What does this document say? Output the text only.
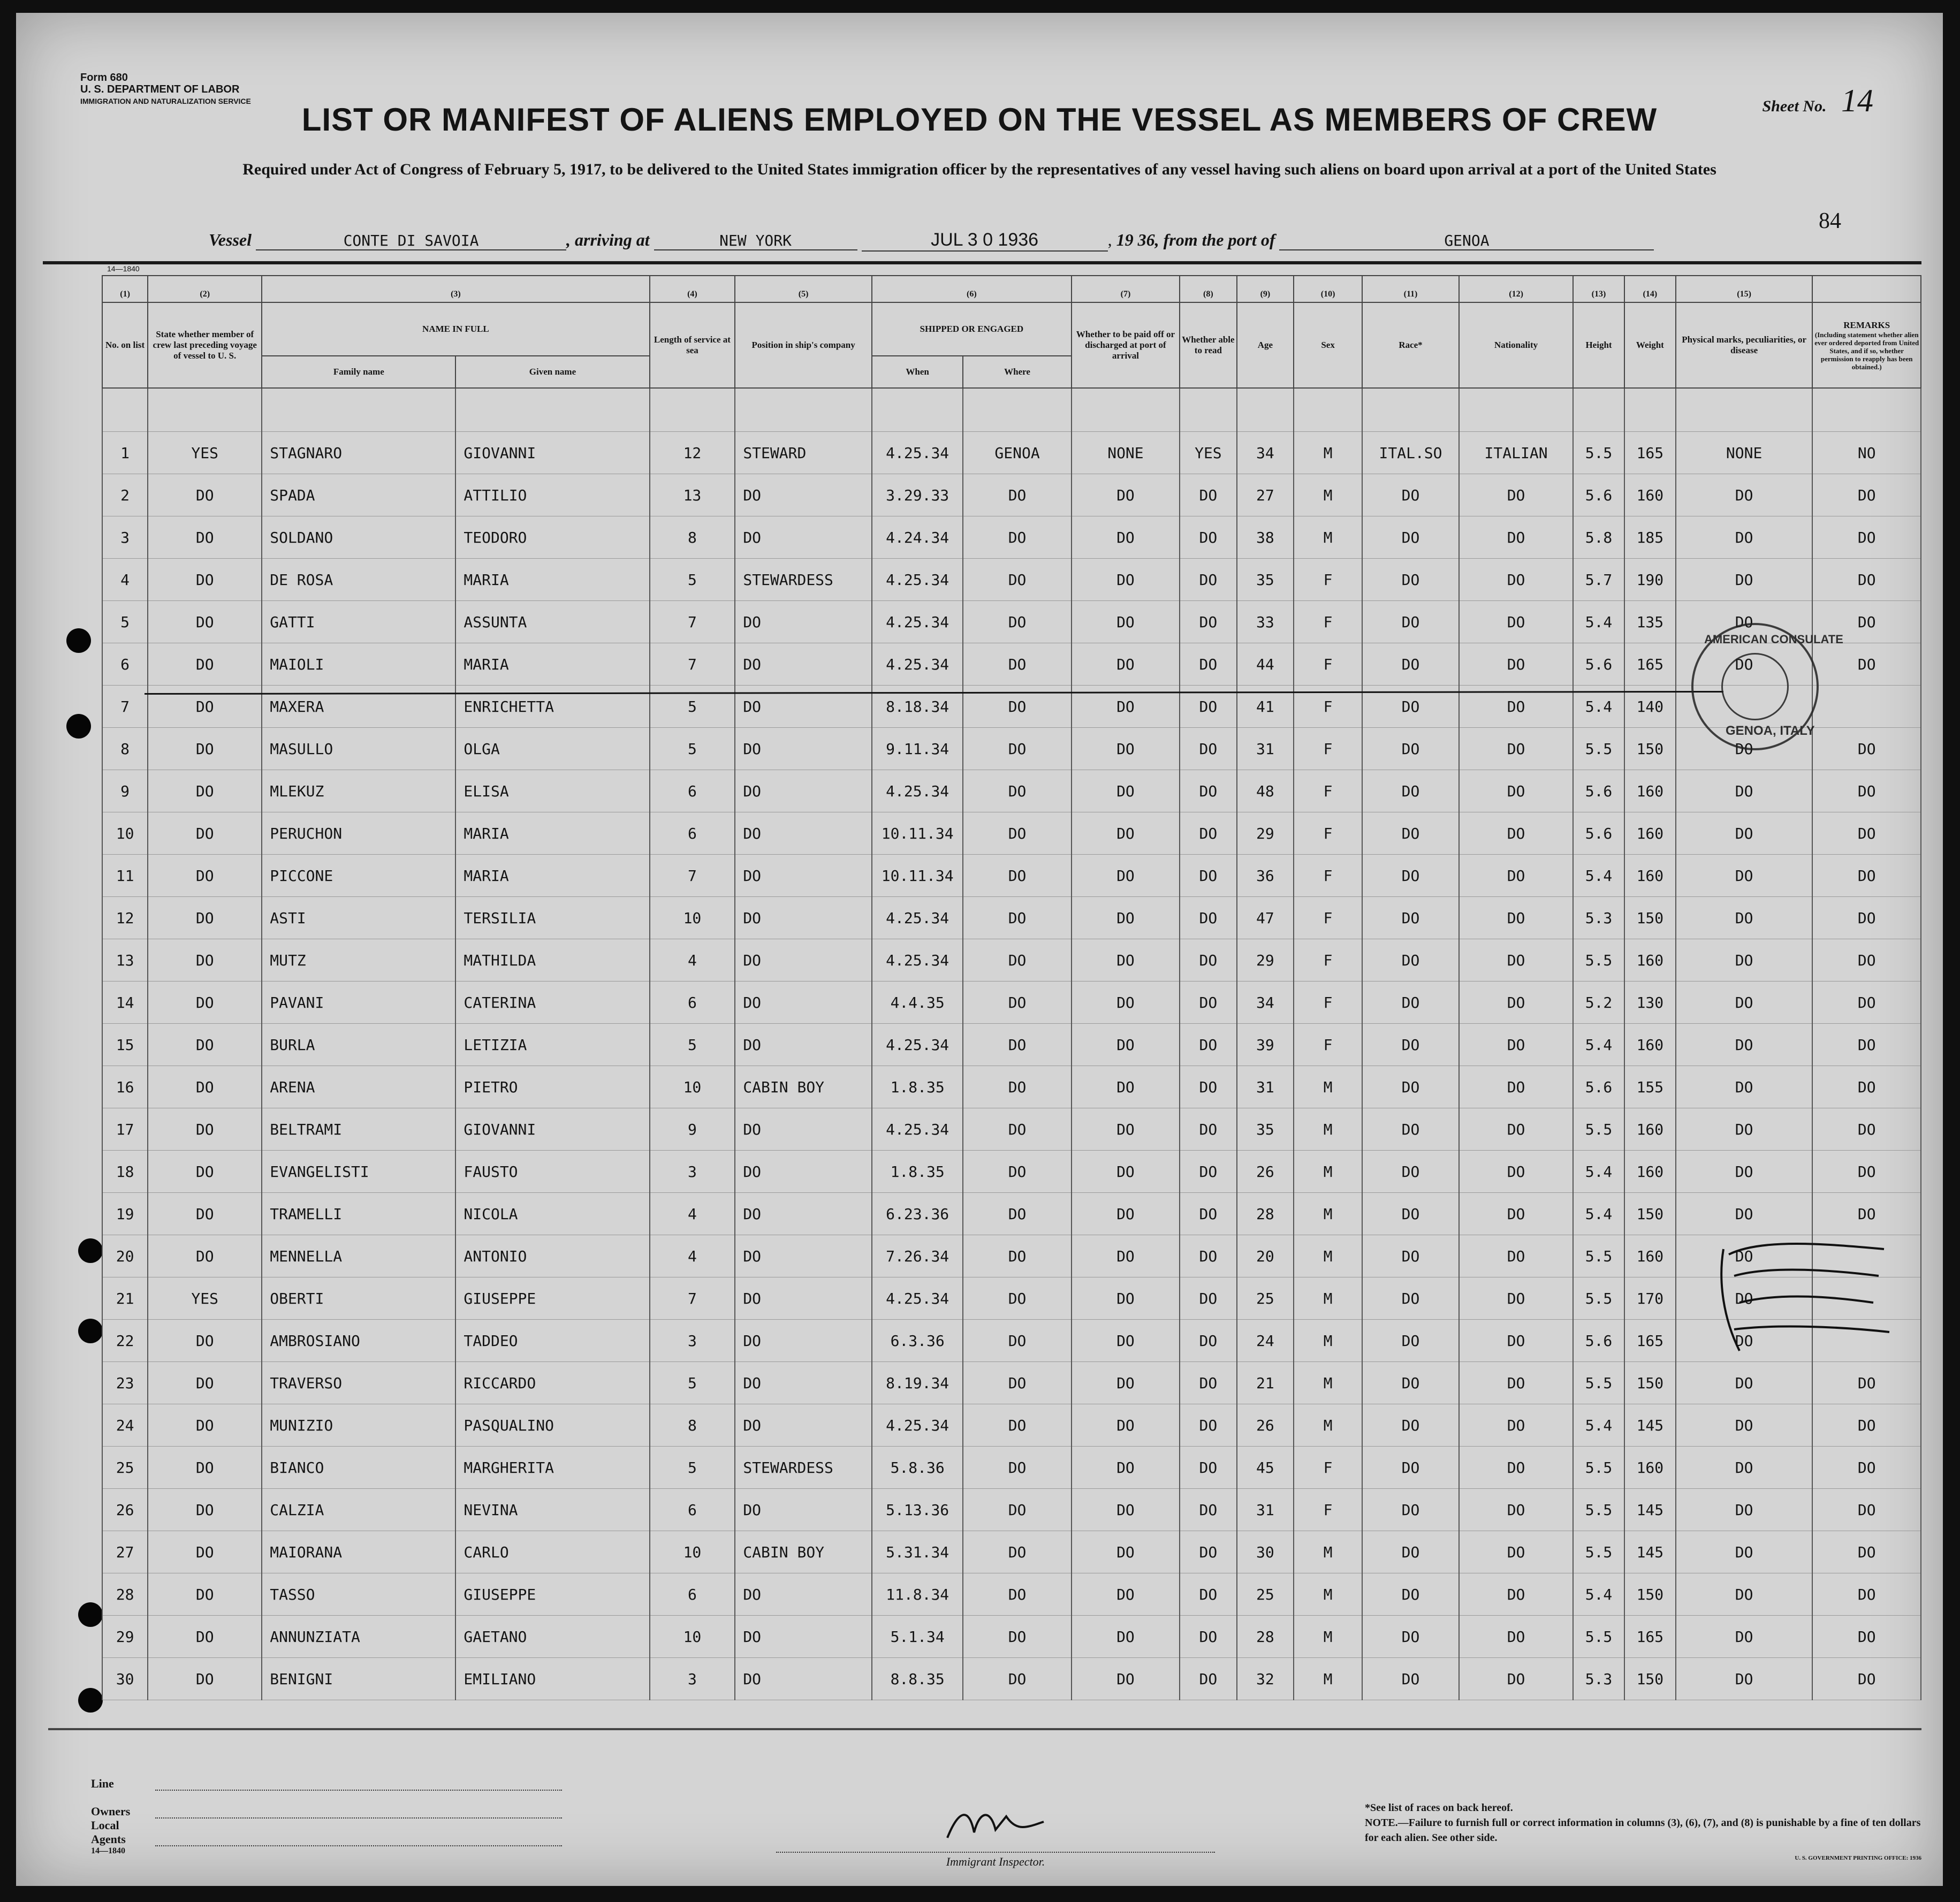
Form 680
U. S. DEPARTMENT OF LABOR
IMMIGRATION AND NATURALIZATION SERVICE	Sheet No. 14
LIST OR MANIFEST OF ALIENS EMPLOYED ON THE VESSEL AS MEMBERS OF CREW
Required under Act of Congress of February 5, 1917, to be delivered to the United States immigration officer by the representatives of any vessel having such aliens on board upon arrival at a port of the United States
84
Vessel	CONTE DI SAVOIA	, arriving at	NEW YORK	JUL 3 0 1936	, 19 36, from the port of	GENOA
14—1840
(1)	(2)	(3)		(4)	(5)	(6)		(7)	(8)	(9)	(10)	(11)	(12)	(13)	(14)	(15)	
No. on list	State whether member of crew last preceding voyage of vessel to U. S.	NAME IN FULL		Length of service at sea	Position in ship's company	SHIPPED OR ENGAGED		Whether to be paid off or discharged at port of arrival	Whether able to read	Age	Sex	Race*	Nationality	Height	Weight	Physical marks, peculiarities, or disease	REMARKS
(Including statement whether alien ever ordered deported from United States, and if so, whether permission to reapply has been obtained.)

		Family name	Given name			When	Where										

1	YES	STAGNARO	GIOVANNI	12	STEWARD	4.25.34	GENOA	NONE	YES	34	M	ITAL.SO	ITALIAN	5.5	165	NONE	NO
2	DO	SPADA	ATTILIO	13	DO	3.29.33	DO	DO	DO	27	M	DO	DO	5.6	160	DO	DO
3	DO	SOLDANO	TEODORO	8	DO	4.24.34	DO	DO	DO	38	M	DO	DO	5.8	185	DO	DO
4	DO	DE ROSA	MARIA	5	STEWARDESS	4.25.34	DO	DO	DO	35	F	DO	DO	5.7	190	DO	DO
5	DO	GATTI	ASSUNTA	7	DO	4.25.34	DO	DO	DO	33	F	DO	DO	5.4	135	DO	DO
6	DO	MAIOLI	MARIA	7	DO	4.25.34	DO	DO	DO	44	F	DO	DO	5.6	165	DO	DO
7	DO	MAXERA	ENRICHETTA	5	DO	8.18.34	DO	DO	DO	41	F	DO	DO	5.4	140		
8	DO	MASULLO	OLGA	5	DO	9.11.34	DO	DO	DO	31	F	DO	DO	5.5	150	DO	DO
9	DO	MLEKUZ	ELISA	6	DO	4.25.34	DO	DO	DO	48	F	DO	DO	5.6	160	DO	DO
10	DO	PERUCHON	MARIA	6	DO	10.11.34	DO	DO	DO	29	F	DO	DO	5.6	160	DO	DO
11	DO	PICCONE	MARIA	7	DO	10.11.34	DO	DO	DO	36	F	DO	DO	5.4	160	DO	DO
12	DO	ASTI	TERSILIA	10	DO	4.25.34	DO	DO	DO	47	F	DO	DO	5.3	150	DO	DO
13	DO	MUTZ	MATHILDA	4	DO	4.25.34	DO	DO	DO	29	F	DO	DO	5.5	160	DO	DO
14	DO	PAVANI	CATERINA	6	DO	4.4.35	DO	DO	DO	34	F	DO	DO	5.2	130	DO	DO
15	DO	BURLA	LETIZIA	5	DO	4.25.34	DO	DO	DO	39	F	DO	DO	5.4	160	DO	DO
16	DO	ARENA	PIETRO	10	CABIN BOY	1.8.35	DO	DO	DO	31	M	DO	DO	5.6	155	DO	DO
17	DO	BELTRAMI	GIOVANNI	9	DO	4.25.34	DO	DO	DO	35	M	DO	DO	5.5	160	DO	DO
18	DO	EVANGELISTI	FAUSTO	3	DO	1.8.35	DO	DO	DO	26	M	DO	DO	5.4	160	DO	DO
19	DO	TRAMELLI	NICOLA	4	DO	6.23.36	DO	DO	DO	28	M	DO	DO	5.4	150	DO	DO
20	DO	MENNELLA	ANTONIO	4	DO	7.26.34	DO	DO	DO	20	M	DO	DO	5.5	160	DO	
21	YES	OBERTI	GIUSEPPE	7	DO	4.25.34	DO	DO	DO	25	M	DO	DO	5.5	170	DO	
22	DO	AMBROSIANO	TADDEO	3	DO	6.3.36	DO	DO	DO	24	M	DO	DO	5.6	165	DO	
23	DO	TRAVERSO	RICCARDO	5	DO	8.19.34	DO	DO	DO	21	M	DO	DO	5.5	150	DO	DO
24	DO	MUNIZIO	PASQUALINO	8	DO	4.25.34	DO	DO	DO	26	M	DO	DO	5.4	145	DO	DO
25	DO	BIANCO	MARGHERITA	5	STEWARDESS	5.8.36	DO	DO	DO	45	F	DO	DO	5.5	160	DO	DO
26	DO	CALZIA	NEVINA	6	DO	5.13.36	DO	DO	DO	31	F	DO	DO	5.5	145	DO	DO
27	DO	MAIORANA	CARLO	10	CABIN BOY	5.31.34	DO	DO	DO	30	M	DO	DO	5.5	145	DO	DO
28	DO	TASSO	GIUSEPPE	6	DO	11.8.34	DO	DO	DO	25	M	DO	DO	5.4	150	DO	DO
29	DO	ANNUNZIATA	GAETANO	10	DO	5.1.34	DO	DO	DO	28	M	DO	DO	5.5	165	DO	DO
30	DO	BENIGNI	EMILIANO	3	DO	8.8.35	DO	DO	DO	32	M	DO	DO	5.3	150	DO	DO
AMERICAN CONSULATE
GENOA, ITALY
Line
Owners
Local Agents
14—1840
Immigrant Inspector.
*See list of races on back hereof.
NOTE.—Failure to furnish full or correct information in columns (3), (6), (7), and (8) is punishable by a fine of ten dollars for each alien. See other side.
U. S. GOVERNMENT PRINTING OFFICE: 1936
